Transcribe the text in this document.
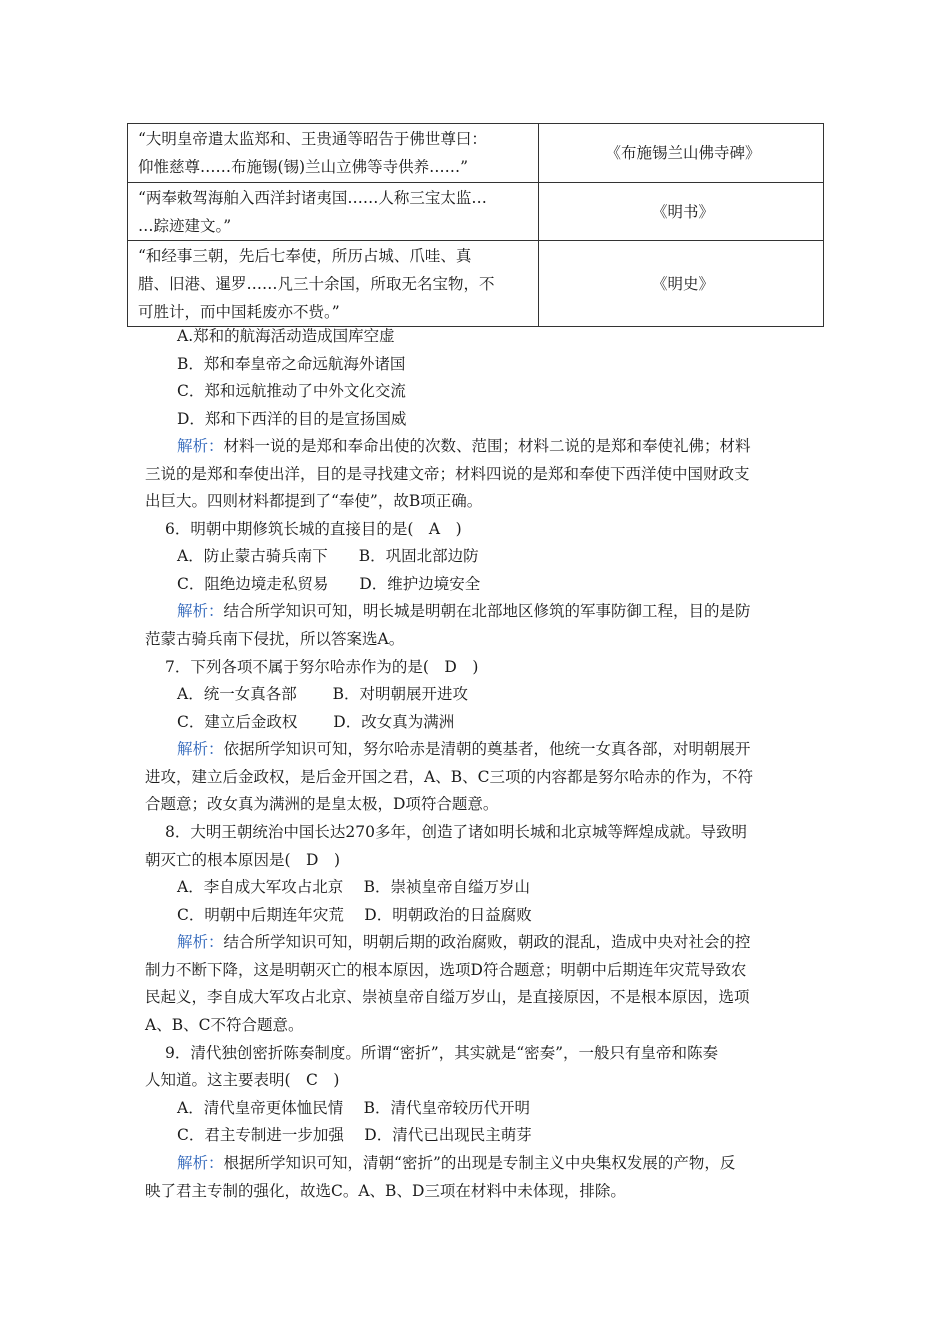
“大明皇帝遣太监郑和、王贵通等昭告于佛世尊曰：
仰惟慈尊……布施锡(锡)兰山立佛等寺供养……”	《布施锡兰山佛寺碑》

“两奉敕驾海舶入西洋封诸夷国……人称三宝太监…
…踪迹建文。”	《明书》

“和经事三朝，先后七奉使，所历占城、爪哇、真
腊、旧港、暹罗……凡三十余国，所取无名宝物，不
可胜计，而中国耗废亦不赀。”	《明史》
A.郑和的航海活动造成国库空虚
B．郑和奉皇帝之命远航海外诸国
C．郑和远航推动了中外文化交流
D．郑和下西洋的目的是宣扬国威
解析：材料一说的是郑和奉命出使的次数、范围；材料二说的是郑和奉使礼佛；材料
三说的是郑和奉使出洋，目的是寻找建文帝；材料四说的是郑和奉使下西洋使中国财政支
出巨大。四则材料都提到了“奉使”，故B项正确。
6．明朝中期修筑长城的直接目的是(　A　)
A．防止蒙古骑兵南下　　B．巩固北部边防
C．阻绝边境走私贸易　　D．维护边境安全
解析：结合所学知识可知，明长城是明朝在北部地区修筑的军事防御工程，目的是防
范蒙古骑兵南下侵扰，所以答案选A。
7．下列各项不属于努尔哈赤作为的是(　D　)
A．统一女真各部　　 B．对明朝展开进攻
C．建立后金政权　　 D．改女真为满洲
解析：依据所学知识可知，努尔哈赤是清朝的奠基者，他统一女真各部，对明朝展开
进攻，建立后金政权，是后金开国之君，A、B、C三项的内容都是努尔哈赤的作为，不符
合题意；改女真为满洲的是皇太极，D项符合题意。
8．大明王朝统治中国长达270多年，创造了诸如明长城和北京城等辉煌成就。导致明
朝灭亡的根本原因是(　D　)
A．李自成大军攻占北京　 B．崇祯皇帝自缢万岁山
C．明朝中后期连年灾荒　 D．明朝政治的日益腐败
解析：结合所学知识可知，明朝后期的政治腐败，朝政的混乱，造成中央对社会的控
制力不断下降，这是明朝灭亡的根本原因，选项D符合题意；明朝中后期连年灾荒导致农
民起义，李自成大军攻占北京、崇祯皇帝自缢万岁山，是直接原因，不是根本原因，选项
A、B、C不符合题意。
9．清代独创密折陈奏制度。所谓“密折”，其实就是“密奏”，一般只有皇帝和陈奏
人知道。这主要表明(　C　)
A．清代皇帝更体恤民情　 B．清代皇帝较历代开明
C．君主专制进一步加强　 D．清代已出现民主萌芽
解析：根据所学知识可知，清朝“密折”的出现是专制主义中央集权发展的产物，反
映了君主专制的强化，故选C。A、B、D三项在材料中未体现，排除。
